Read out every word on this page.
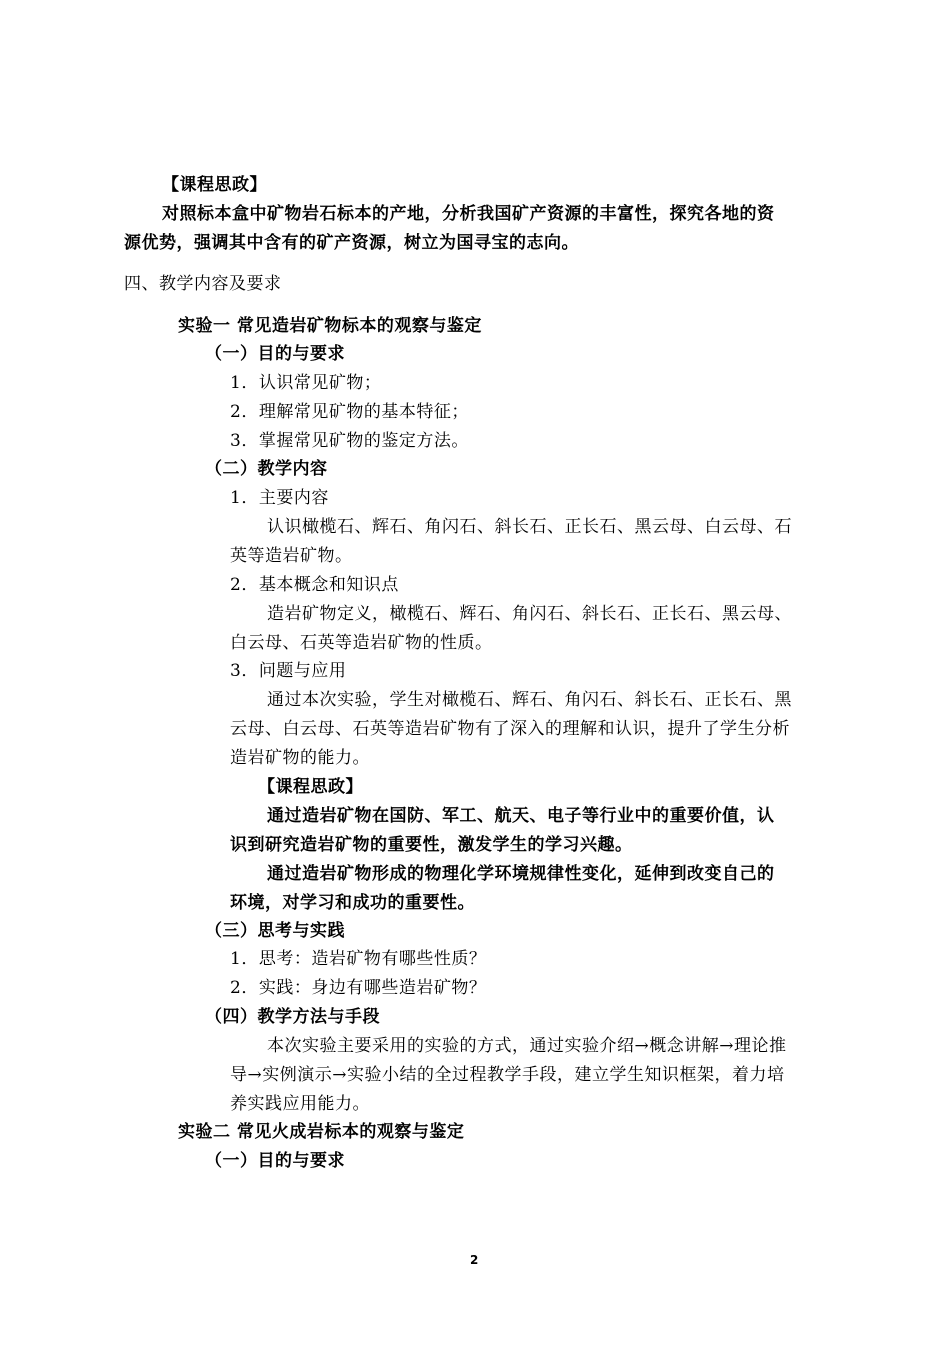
【课程思政】
对照标本盒中矿物岩石标本的产地，分析我国矿产资源的丰富性，探究各地的资
源优势，强调其中含有的矿产资源，树立为国寻宝的志向。
四、教学内容及要求
实验一 常见造岩矿物标本的观察与鉴定
（一）目的与要求
1．认识常见矿物；
2．理解常见矿物的基本特征；
3．掌握常见矿物的鉴定方法。
（二）教学内容
1．主要内容
认识橄榄石、辉石、角闪石、斜长石、正长石、黑云母、白云母、石
英等造岩矿物。
2．基本概念和知识点
造岩矿物定义，橄榄石、辉石、角闪石、斜长石、正长石、黑云母、
白云母、石英等造岩矿物的性质。
3．问题与应用
通过本次实验，学生对橄榄石、辉石、角闪石、斜长石、正长石、黑
云母、白云母、石英等造岩矿物有了深入的理解和认识，提升了学生分析
造岩矿物的能力。
【课程思政】
通过造岩矿物在国防、军工、航天、电子等行业中的重要价值，认
识到研究造岩矿物的重要性，激发学生的学习兴趣。
通过造岩矿物形成的物理化学环境规律性变化，延伸到改变自己的
环境，对学习和成功的重要性。
（三）思考与实践
1．思考：造岩矿物有哪些性质？
2．实践：身边有哪些造岩矿物？
（四）教学方法与手段
本次实验主要采用的实验的方式，通过实验介绍→概念讲解→理论推
导→实例演示→实验小结的全过程教学手段，建立学生知识框架，着力培
养实践应用能力。
实验二 常见火成岩标本的观察与鉴定
（一）目的与要求
2
